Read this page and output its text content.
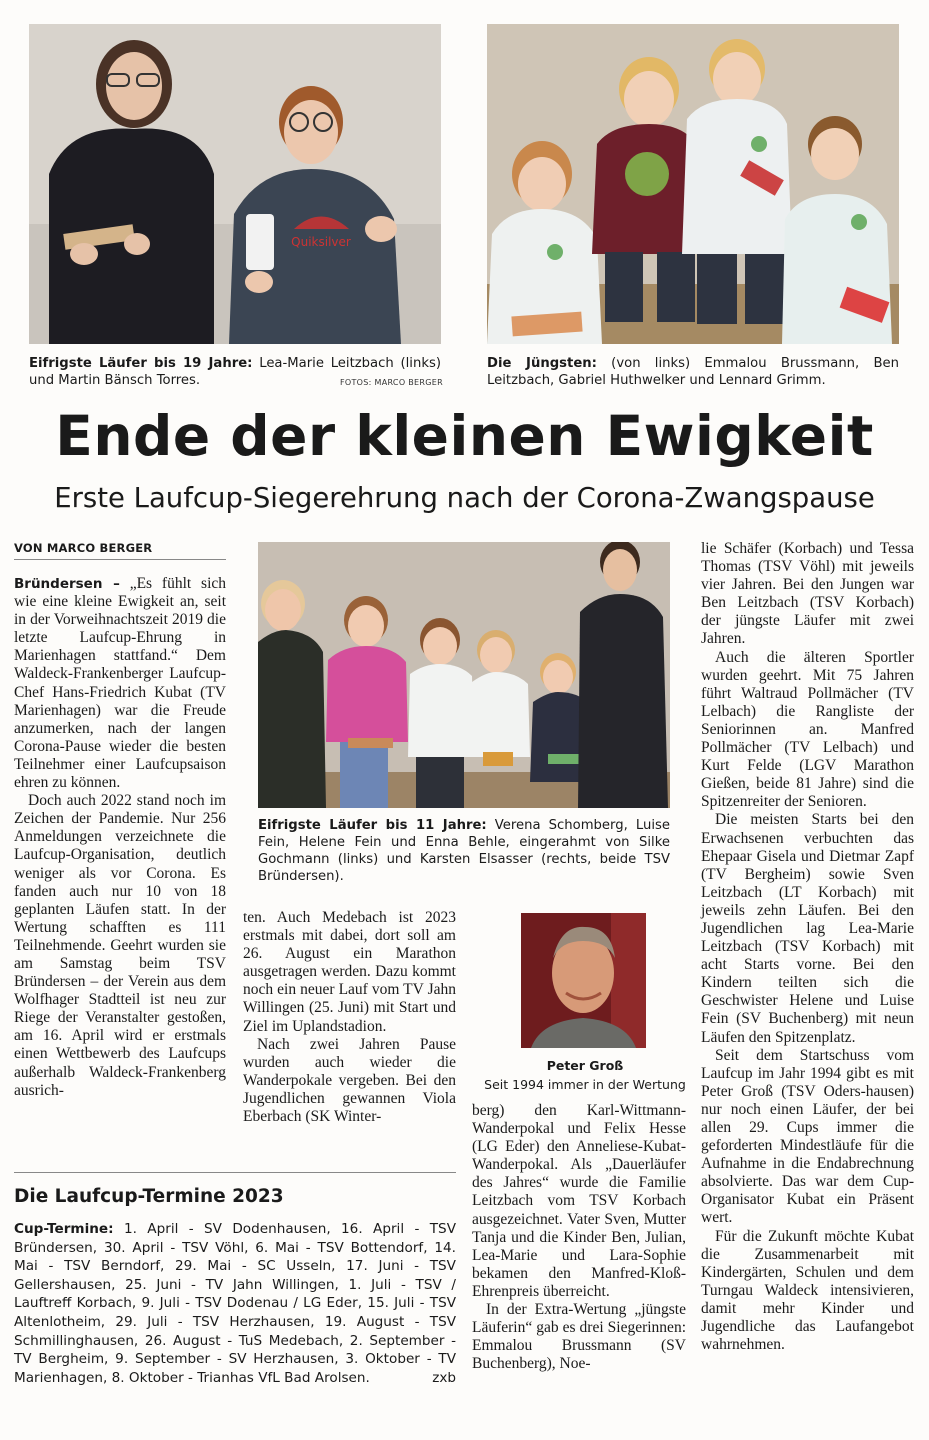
Quiksilver
Eifrigste Läufer bis 19 Jahre: Lea-Marie Leitzbach (links) und Martin Bänsch Torres.	FOTOS: MARCO BERGER
Die Jüngsten: (von links) Emmalou Brussmann, Ben Leitzbach, Gabriel Huthwelker und Lennard Grimm.
Ende der kleinen Ewigkeit
Erste Laufcup-Siegerehrung nach der Corona-Zwangspause
VON MARCO BERGER
Bründersen – „Es fühlt sich wie eine kleine Ewigkeit an, seit in der Vorweihnachtszeit 2019 die letzte Laufcup-Ehrung in Marienhagen stattfand.“ Dem Waldeck-Frankenberger Laufcup-Chef Hans-Friedrich Kubat (TV Marienhagen) war die Freude anzumerken, nach der langen Corona-Pause wieder die besten Teilnehmer einer Laufcupsaison ehren zu können.
Doch auch 2022 stand noch im Zeichen der Pandemie. Nur 256 Anmeldungen verzeichnete die Laufcup-Organisation, deutlich weniger als vor Corona. Es fanden auch nur 10 von 18 geplanten Läufen statt. In der Wertung schafften es 111 Teilnehmende. Geehrt wurden sie am Samstag beim TSV Bründersen – der Verein aus dem Wolfhager Stadtteil ist neu zur Riege der Veranstalter gestoßen, am 16. April wird er erstmals einen Wettbewerb des Laufcups außerhalb Waldeck-Frankenberg ausrich-
Eifrigste Läufer bis 11 Jahre: Verena Schomberg, Luise Fein, Helene Fein und Enna Behle, eingerahmt von Silke Gochmann (links) und Karsten Elsasser (rechts, beide TSV Bründersen).
ten. Auch Medebach ist 2023 erstmals mit dabei, dort soll am 26. August ein Marathon ausgetragen werden. Dazu kommt noch ein neuer Lauf vom TV Jahn Willingen (25. Juni) mit Start und Ziel im Uplandstadion.
Nach zwei Jahren Pause wurden auch wieder die Wanderpokale vergeben. Bei den Jugendlichen gewannen Viola Eberbach (SK Winter-
Peter Groß
Seit 1994 immer in der Wertung
berg) den Karl-Wittmann-Wanderpokal und Felix Hesse (LG Eder) den Anneliese-Kubat-Wanderpokal. Als „Dauerläufer des Jahres“ wurde die Familie Leitzbach vom TSV Korbach ausgezeichnet. Vater Sven, Mutter Tanja und die Kinder Ben, Julian, Lea-Marie und Lara-Sophie bekamen den Manfred-Kloß-Ehrenpreis überreicht.
In der Extra-Wertung „jüngste Läuferin“ gab es drei Siegerinnen: Emmalou Brussmann (SV Buchenberg), Noe-
lie Schäfer (Korbach) und Tessa Thomas (TSV Vöhl) mit jeweils vier Jahren. Bei den Jungen war Ben Leitzbach (TSV Korbach) der jüngste Läufer mit zwei Jahren.
Auch die älteren Sportler wurden geehrt. Mit 75 Jahren führt Waltraud Pollmächer (TV Lelbach) die Rangliste der Seniorinnen an. Manfred Pollmächer (TV Lelbach) und Kurt Felde (LGV Marathon Gießen, beide 81 Jahre) sind die Spitzenreiter der Senioren.
Die meisten Starts bei den Erwachsenen verbuchten das Ehepaar Gisela und Dietmar Zapf (TV Bergheim) sowie Sven Leitzbach (LT Korbach) mit jeweils zehn Läufen. Bei den Jugendlichen lag Lea-Marie Leitzbach (TSV Korbach) mit acht Starts vorne. Bei den Kindern teilten sich die Geschwister Helene und Luise Fein (SV Buchenberg) mit neun Läufen den Spitzenplatz.
Seit dem Startschuss vom Laufcup im Jahr 1994 gibt es mit Peter Groß (TSV Oders-hausen) nur noch einen Läufer, der bei allen 29. Cups immer die geforderten Mindestläufe für die Aufnahme in die Endabrechnung absolvierte. Das war dem Cup-Organisator Kubat ein Präsent wert.
Für die Zukunft möchte Kubat die Zusammenarbeit mit Kindergärten, Schulen und dem Turngau Waldeck intensivieren, damit mehr Kinder und Jugendliche das Laufangebot wahrnehmen.
Die Laufcup-Termine 2023
Cup-Termine: 1. April - SV Dodenhausen, 16. April - TSV Bründersen, 30. April - TSV Vöhl, 6. Mai - TSV Bottendorf, 14. Mai - TSV Berndorf, 29. Mai - SC Usseln, 17. Juni - TSV Gellershausen, 25. Juni - TV Jahn Willingen, 1. Juli - TSV / Lauftreff Korbach, 9. Juli - TSV Dodenau / LG Eder, 15. Juli - TSV Altenlotheim, 29. Juli - TSV Herzhausen, 19. August - TSV Schmillinghausen, 26. August - TuS Medebach, 2. September - TV Bergheim, 9. September - SV Herzhausen, 3. Oktober - TV Marienhagen, 8. Oktober - Trianhas VfL Bad Arolsen.	zxb
